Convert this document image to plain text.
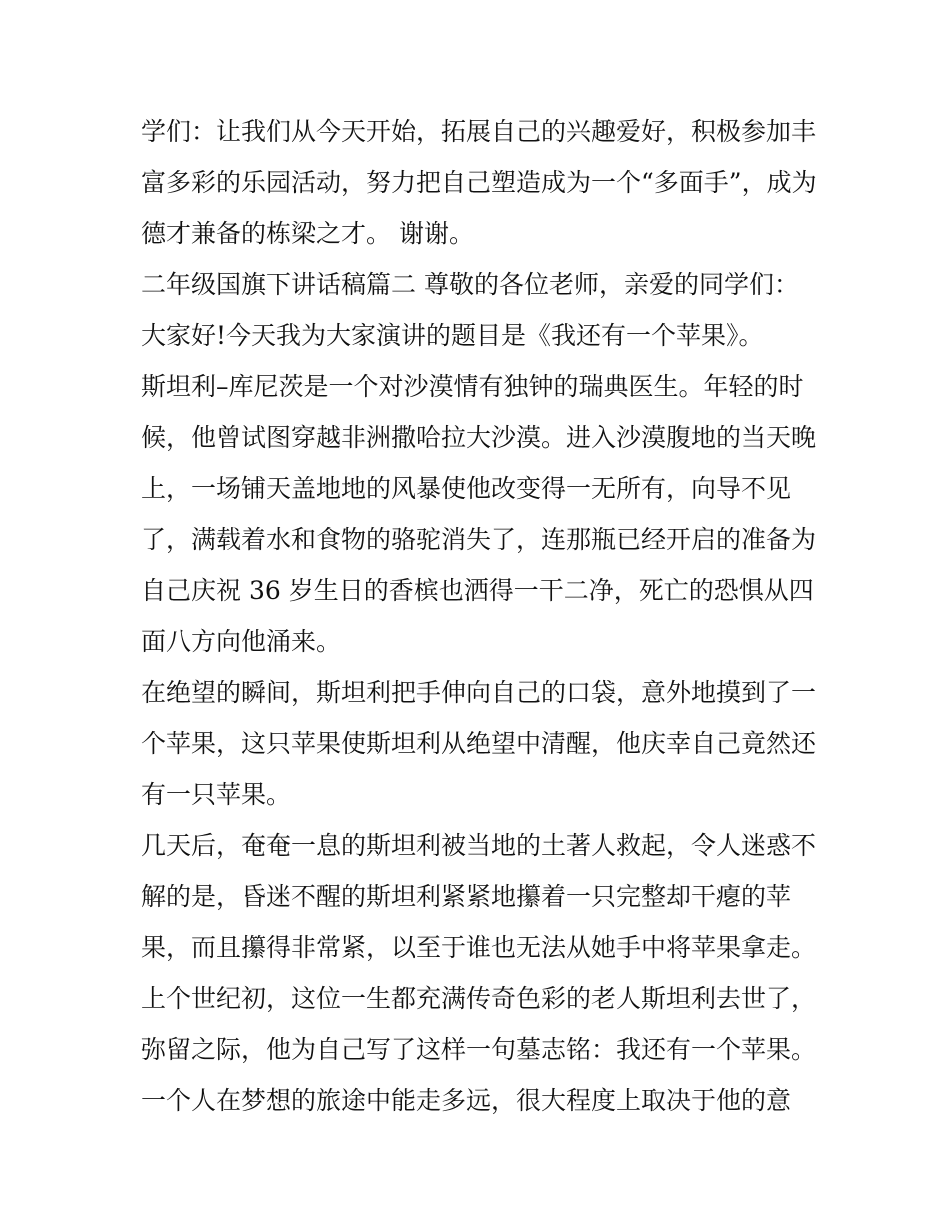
学们：让我们从今天开始，拓展自己的兴趣爱好，积极参加丰
富多彩的乐园活动，努力把自己塑造成为一个“多面手”，成为
德才兼备的栋梁之才。 谢谢。
二年级国旗下讲话稿篇二 尊敬的各位老师，亲爱的同学们：
大家好!今天我为大家演讲的题目是《我还有一个苹果》。
斯坦利–库尼茨是一个对沙漠情有独钟的瑞典医生。年轻的时
候，他曾试图穿越非洲撒哈拉大沙漠。进入沙漠腹地的当天晚
上，一场铺天盖地地的风暴使他改变得一无所有，向导不见
了，满载着水和食物的骆驼消失了，连那瓶已经开启的准备为
自己庆祝 36 岁生日的香槟也洒得一干二净，死亡的恐惧从四
面八方向他涌来。
在绝望的瞬间，斯坦利把手伸向自己的口袋，意外地摸到了一
个苹果，这只苹果使斯坦利从绝望中清醒，他庆幸自己竟然还
有一只苹果。
几天后，奄奄一息的斯坦利被当地的土著人救起，令人迷惑不
解的是，昏迷不醒的斯坦利紧紧地攥着一只完整却干瘪的苹
果，而且攥得非常紧，以至于谁也无法从她手中将苹果拿走。
上个世纪初，这位一生都充满传奇色彩的老人斯坦利去世了，
弥留之际，他为自己写了这样一句墓志铭：我还有一个苹果。
一个人在梦想的旅途中能走多远，很大程度上取决于他的意
